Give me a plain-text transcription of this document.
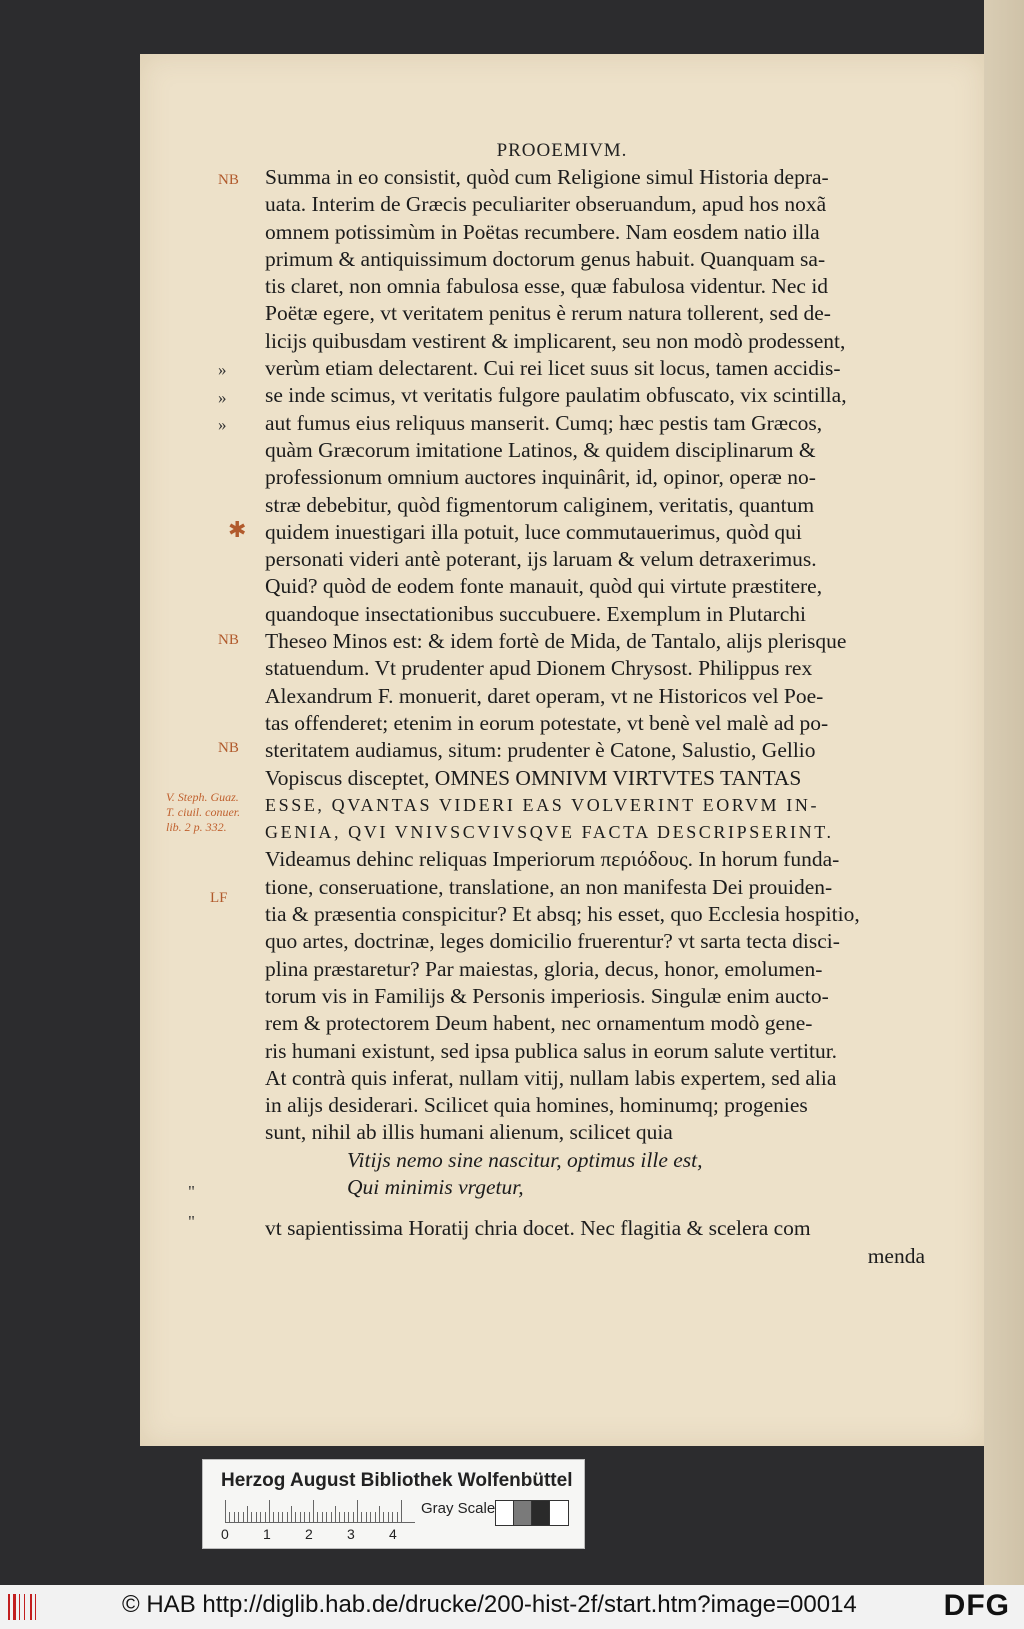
PROOEMIVM.
NB
»
»
»
✱
NB
NB
LF
"
"
V. Steph. Guaz.
T. ciuil. conuer.
lib. 2 p. 332.
Summa in eo consistit, quòd cum Religione simul Historia depra-
uata. Interim de Græcis peculiariter obseruandum, apud hos noxã
omnem potissimùm in Poëtas recumbere. Nam eosdem natio illa
primum & antiquissimum doctorum genus habuit. Quanquam sa-
tis claret, non omnia fabulosa esse, quæ fabulosa videntur. Nec id
Poëtæ egere, vt veritatem penitus è rerum natura tollerent, sed de-
licijs quibusdam vestirent & implicarent, seu non modò prodessent,
verùm etiam delectarent. Cui rei licet suus sit locus, tamen accidis-
se inde scimus, vt veritatis fulgore paulatim obfuscato, vix scintilla,
aut fumus eius reliquus manserit. Cumq; hæc pestis tam Græcos,
quàm Græcorum imitatione Latinos, & quidem disciplinarum &
professionum omnium auctores inquinârit, id, opinor, operæ no-
stræ debebitur, quòd figmentorum caliginem, veritatis, quantum
quidem inuestigari illa potuit, luce commutauerimus, quòd qui
personati videri antè poterant, ijs laruam & velum detraxerimus.
Quid? quòd de eodem fonte manauit, quòd qui virtute præstitere,
quandoque insectationibus succubuere. Exemplum in Plutarchi
Theseo Minos est: & idem fortè de Mida, de Tantalo, alijs plerisque
statuendum. Vt prudenter apud Dionem Chrysost. Philippus rex
Alexandrum F. monuerit, daret operam, vt ne Historicos vel Poe-
tas offenderet; etenim in eorum potestate, vt benè vel malè ad po-
steritatem audiamus, situm: prudenter è Catone, Salustio, Gellio
Vopiscus disceptet, OMNES OMNIVM VIRTVTES TANTAS
ESSE, QVANTAS VIDERI EAS VOLVERINT EORVM IN-
GENIA, QVI VNIVSCVIVSQVE FACTA DESCRIPSERINT.
Videamus dehinc reliquas Imperiorum περιόδους. In horum funda-
tione, conseruatione, translatione, an non manifesta Dei prouiden-
tia & præsentia conspicitur? Et absq; his esset, quo Ecclesia hospitio,
quo artes, doctrinæ, leges domicilio fruerentur? vt sarta tecta disci-
plina præstaretur? Par maiestas, gloria, decus, honor, emolumen-
torum vis in Familijs & Personis imperiosis. Singulæ enim aucto-
rem & protectorem Deum habent, nec ornamentum modò gene-
ris humani existunt, sed ipsa publica salus in eorum salute vertitur.
At contrà quis inferat, nullam vitij, nullam labis expertem, sed alia
in alijs desiderari. Scilicet quia homines, hominumq; progenies
sunt, nihil ab illis humani alienum, scilicet quia
Vitijs nemo sine nascitur, optimus ille est,
Qui minimis vrgetur,
vt sapientissima Horatij chria docet. Nec flagitia & scelera com
menda
Herzog August Bibliothek Wolfenbüttel
0 1 2 3 4
Gray Scale
© HAB http://diglib.hab.de/drucke/200-hist-2f/start.htm?image=00014	DFG
